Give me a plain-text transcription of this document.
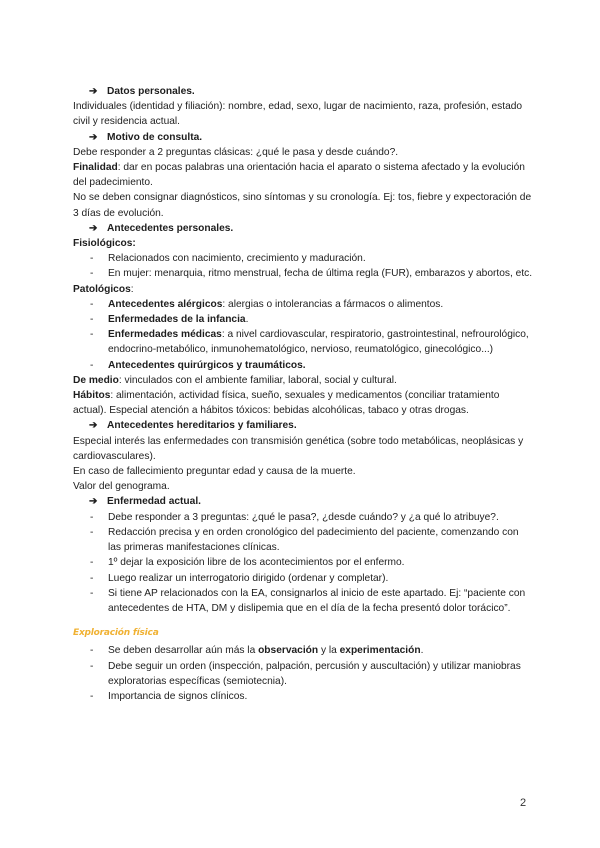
➔ Datos personales.

Individuales (identidad y filiación): nombre, edad, sexo, lugar de nacimiento, raza, profesión, estado civil y residencia actual.

➔ Motivo de consulta.

Debe responder a 2 preguntas clásicas: ¿qué le pasa y desde cuándo?.

Finalidad: dar en pocas palabras una orientación hacia el aparato o sistema afectado y la evolución del padecimiento.

No se deben consignar diagnósticos, sino síntomas y su cronología. Ej: tos, fiebre y expectoración de 3 días de evolución.

➔ Antecedentes personales.

Fisiológicos:

- Relacionados con nacimiento, crecimiento y maduración.
- En mujer: menarquia, ritmo menstrual, fecha de última regla (FUR), embarazos y abortos, etc.

Patológicos:

- Antecedentes alérgicos: alergias o intolerancias a fármacos o alimentos.
- Enfermedades de la infancia.
- Enfermedades médicas: a nivel cardiovascular, respiratorio, gastrointestinal, nefrourológico, endocrino-metabólico, inmunohematológico, nervioso, reumatológico, ginecológico...)
- Antecedentes quirúrgicos y traumáticos.

De medio: vinculados con el ambiente familiar, laboral, social y cultural.

Hábitos: alimentación, actividad física, sueño, sexuales y medicamentos (conciliar tratamiento actual). Especial atención a hábitos tóxicos: bebidas alcohólicas, tabaco y otras drogas.

➔ Antecedentes hereditarios y familiares.

Especial interés las enfermedades con transmisión genética (sobre todo metabólicas, neoplásicas y cardiovasculares).

En caso de fallecimiento preguntar edad y causa de la muerte.

Valor del genograma.

➔ Enfermedad actual.

- Debe responder a 3 preguntas: ¿qué le pasa?, ¿desde cuándo? y ¿a qué lo atribuye?.
- Redacción precisa y en orden cronológico del padecimiento del paciente, comenzando con las primeras manifestaciones clínicas.
- 1º dejar la exposición libre de los acontecimientos por el enfermo.
- Luego realizar un interrogatorio dirigido (ordenar y completar).
- Si tiene AP relacionados con la EA, consignarlos al inicio de este apartado. Ej: “paciente con antecedentes de HTA, DM y dislipemia que en el día de la fecha presentó dolor torácico”.

Exploración física

- Se deben desarrollar aún más la observación y la experimentación.
- Debe seguir un orden (inspección, palpación, percusión y auscultación) y utilizar maniobras exploratorias específicas (semiotecnia).
- Importancia de signos clínicos.
2
